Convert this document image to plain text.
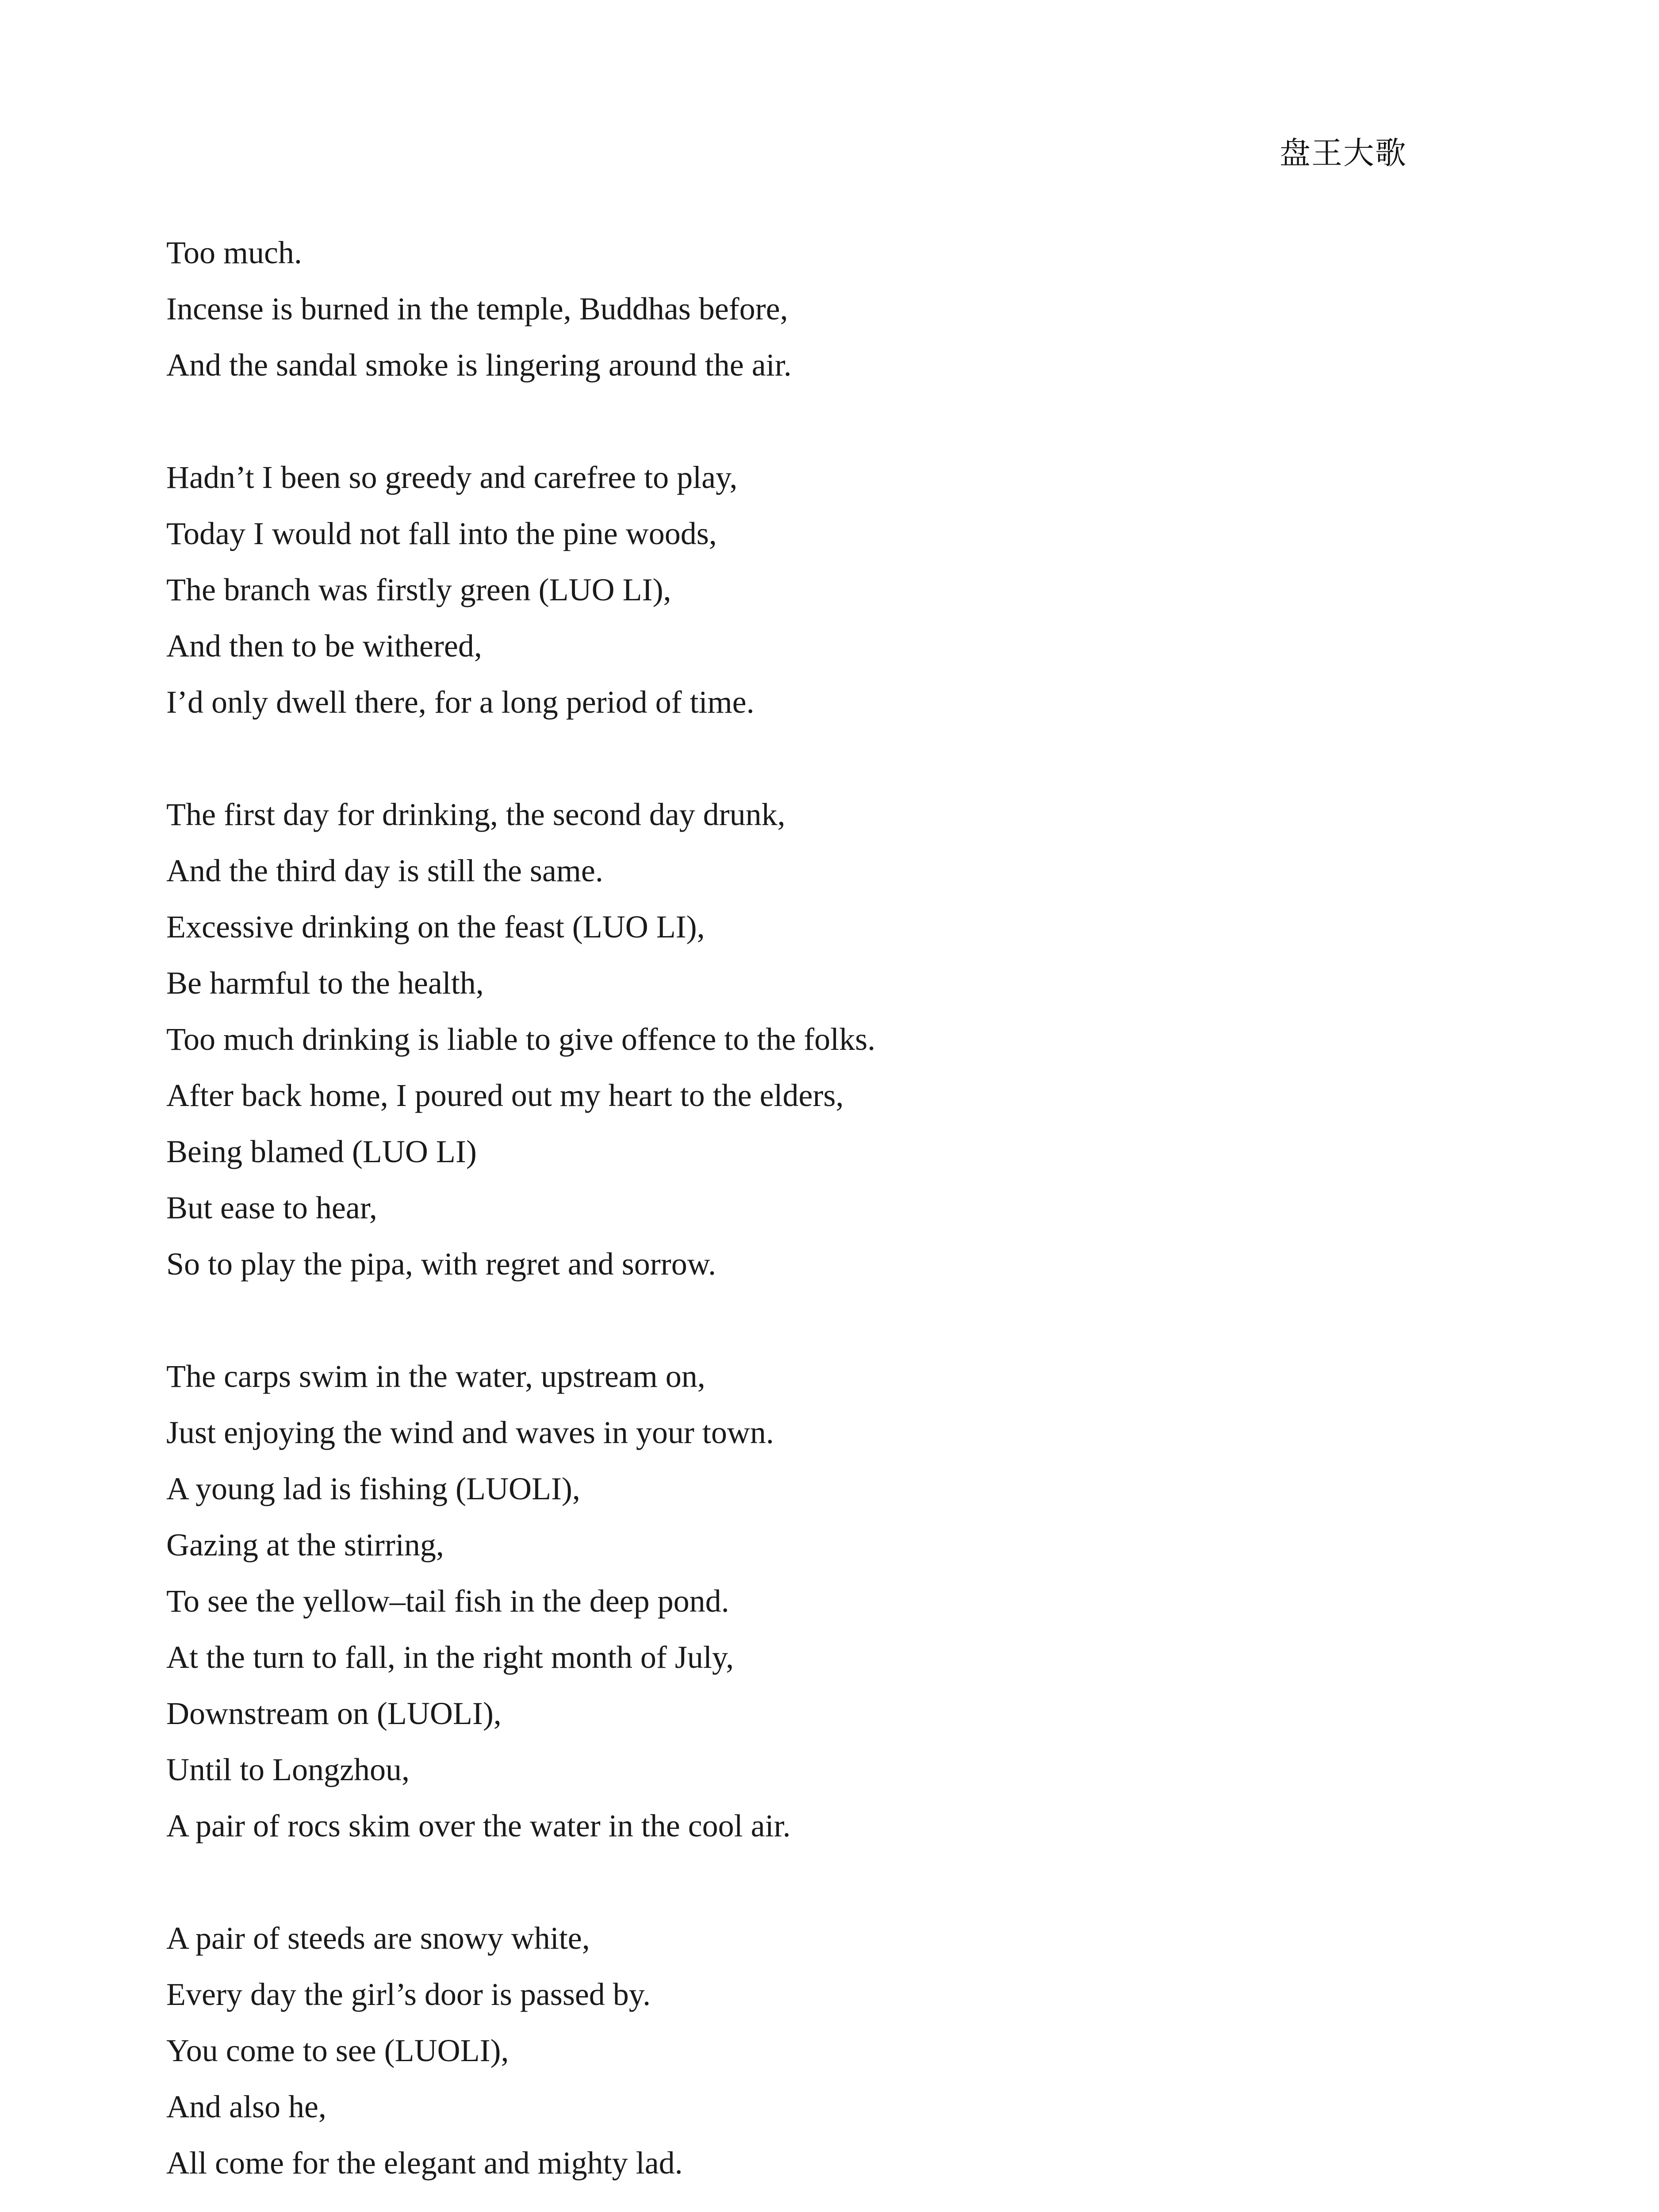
盘王大歌
Too much.
Incense is burned in the temple, Buddhas before,
And the sandal smoke is lingering around the air.
Hadn’t I been so greedy and carefree to play,
Today I would not fall into the pine woods,
The branch was firstly green (LUO LI),
And then to be withered,
I’d only dwell there, for a long period of time.
The first day for drinking, the second day drunk,
And the third day is still the same.
Excessive drinking on the feast (LUO LI),
Be harmful to the health,
Too much drinking is liable to give offence to the folks.
After back home, I poured out my heart to the elders,
Being blamed (LUO LI)
But ease to hear,
So to play the pipa, with regret and sorrow.
The carps swim in the water, upstream on,
Just enjoying the wind and waves in your town.
A young lad is fishing (LUOLI),
Gazing at the stirring,
To see the yellow–tail fish in the deep pond.
At the turn to fall, in the right month of July,
Downstream on (LUOLI),
Until to Longzhou,
A pair of rocs skim over the water in the cool air.
A pair of steeds are snowy white,
Every day the girl’s door is passed by.
You come to see (LUOLI),
And also he,
All come for the elegant and mighty lad.
